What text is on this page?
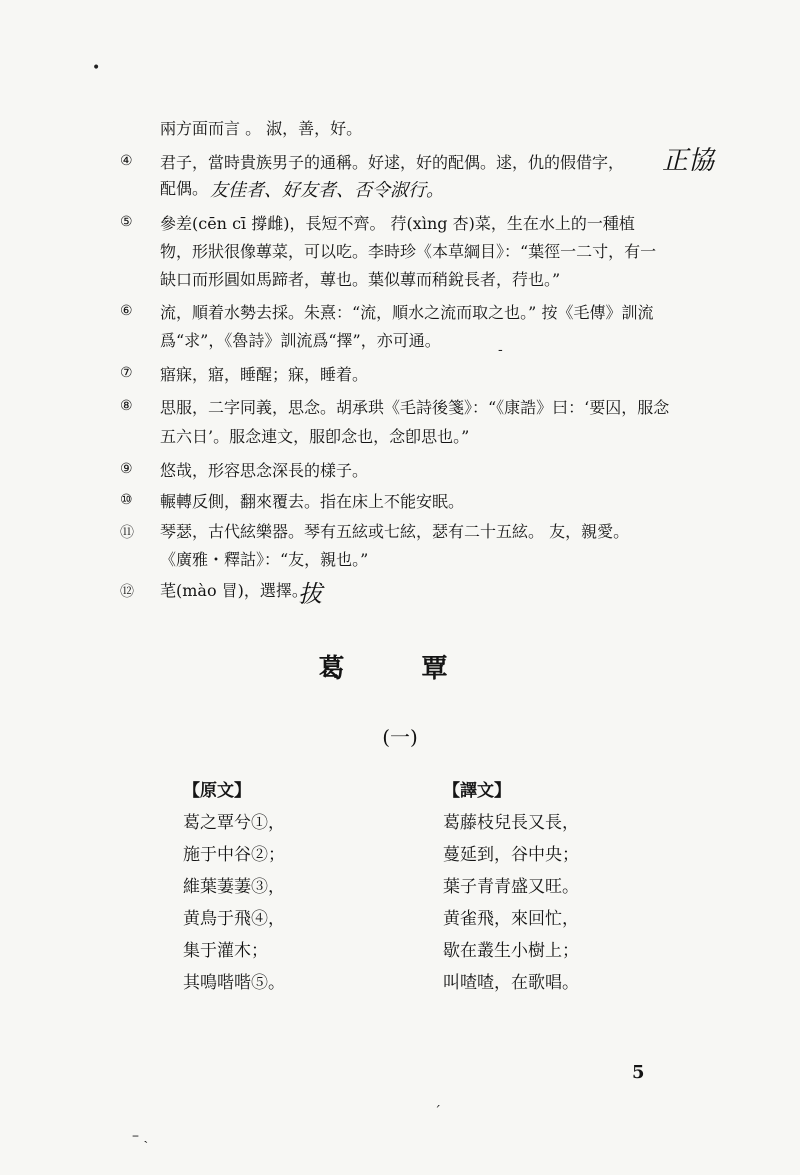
兩方面而言 。 淑，善，好。
④ 君子，當時貴族男子的通稱。好逑，好的配偶。逑，仇的假借字，
配偶。
⑤ 參差(cēn cī 撐雌)，長短不齊。 荇(xìng 杏)菜，生在水上的一種植
物，形狀很像蓴菜，可以吃。李時珍《本草綱目》：“葉徑一二寸，有一
缺口而形圓如馬蹄者，蓴也。葉似蓴而稍銳長者，荇也。”
⑥ 流，順着水勢去採。朱熹：“流，順水之流而取之也。” 按《毛傳》訓流
爲“求”，《魯詩》訓流爲“擇”，亦可通。
⑦ 寤寐，寤，睡醒；寐，睡着。
⑧ 思服，二字同義，思念。胡承珙《毛詩後箋》：“《康誥》曰：‘要囚，服念
五六日’。服念連文，服卽念也，念卽思也。”
⑨ 悠哉，形容思念深長的樣子。
⑩ 輾轉反側，翻來覆去。指在床上不能安眠。
⑪ 琴瑟，古代絃樂器。琴有五絃或七絃，瑟有二十五絃。 友，親愛。
《廣雅・釋詁》：“友，親也。”
⑫ 芼(mào 冒)，選擇。
正協
友佳者、好友者、否令淑行。
拔
•
-
– ˎ
ˊ
葛 覃
(一)
【原文】
葛之覃兮①，
施于中谷②；
維葉萋萋③，
黄鳥于飛④，
集于灌木；
其鳴喈喈⑤。
【譯文】
葛藤枝兒長又長，
蔓延到，谷中央；
葉子青青盛又旺。
黄雀飛，來回忙，
歇在叢生小樹上；
叫喳喳，在歌唱。
5
